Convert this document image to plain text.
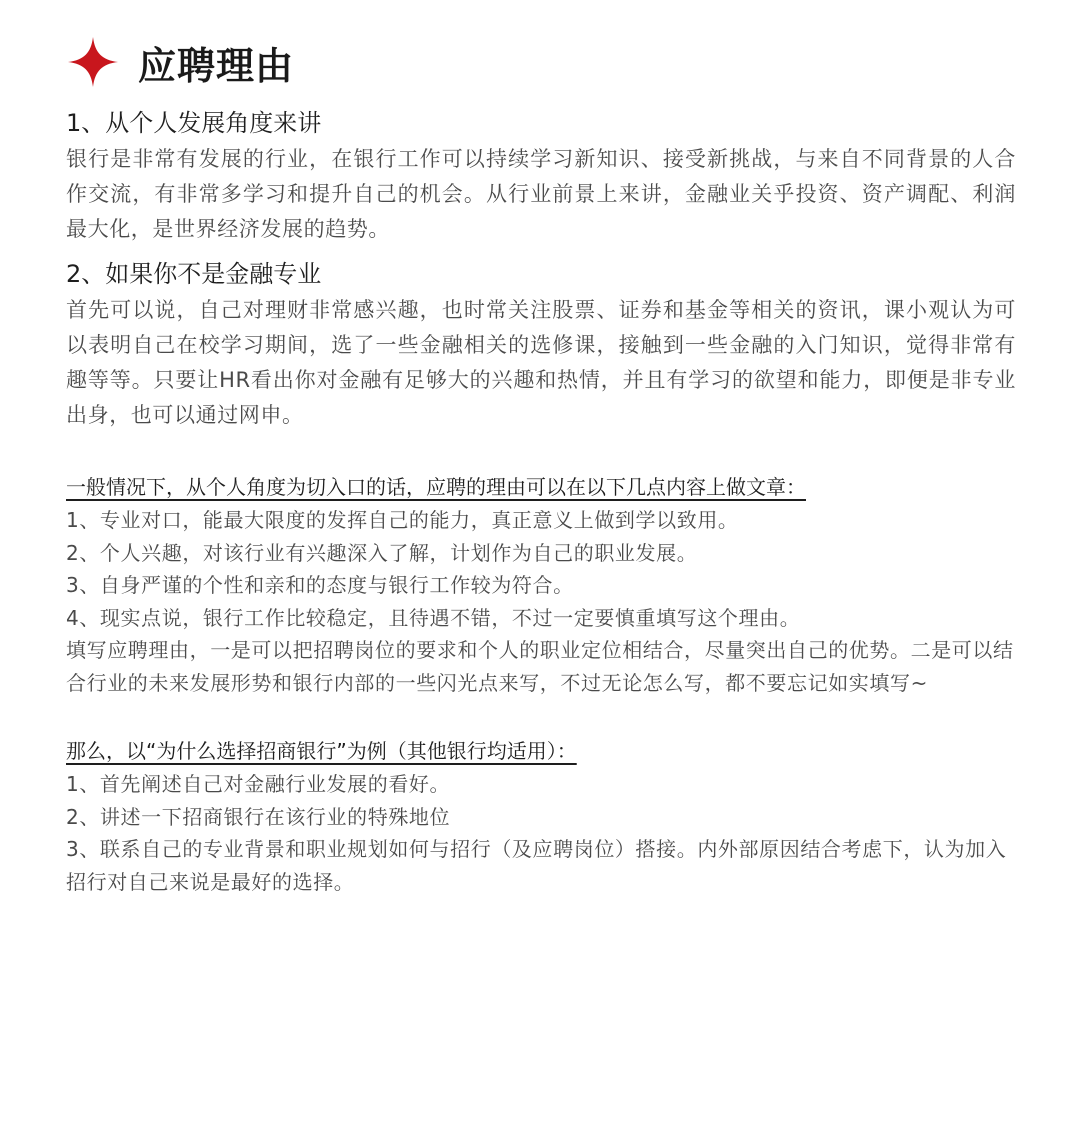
应聘理由

1、从个人发展角度来讲

银行是非常有发展的行业，在银行工作可以持续学习新知识、接受新挑战，与来自不同背景的人合作交流，有非常多学习和提升自己的机会。从行业前景上来讲，金融业关乎投资、资产调配、利润最大化，是世界经济发展的趋势。

2、如果你不是金融专业

首先可以说，自己对理财非常感兴趣，也时常关注股票、证券和基金等相关的资讯，课小观认为可以表明自己在校学习期间，选了一些金融相关的选修课，接触到一些金融的入门知识，觉得非常有趣等等。只要让HR看出你对金融有足够大的兴趣和热情，并且有学习的欲望和能力，即便是非专业出身，也可以通过网申。

一般情况下，从个人角度为切入口的话，应聘的理由可以在以下几点内容上做文章：

1、专业对口，能最大限度的发挥自己的能力，真正意义上做到学以致用。

2、个人兴趣，对该行业有兴趣深入了解，计划作为自己的职业发展。

3、自身严谨的个性和亲和的态度与银行工作较为符合。

4、现实点说，银行工作比较稳定，且待遇不错，不过一定要慎重填写这个理由。

填写应聘理由，一是可以把招聘岗位的要求和个人的职业定位相结合，尽量突出自己的优势。二是可以结合行业的未来发展形势和银行内部的一些闪光点来写，不过无论怎么写，都不要忘记如实填写~

那么，以“为什么选择招商银行”为例（其他银行均适用）：

1、首先阐述自己对金融行业发展的看好。

2、讲述一下招商银行在该行业的特殊地位

3、联系自己的专业背景和职业规划如何与招行（及应聘岗位）搭接。内外部原因结合考虑下，认为加入招行对自己来说是最好的选择。
